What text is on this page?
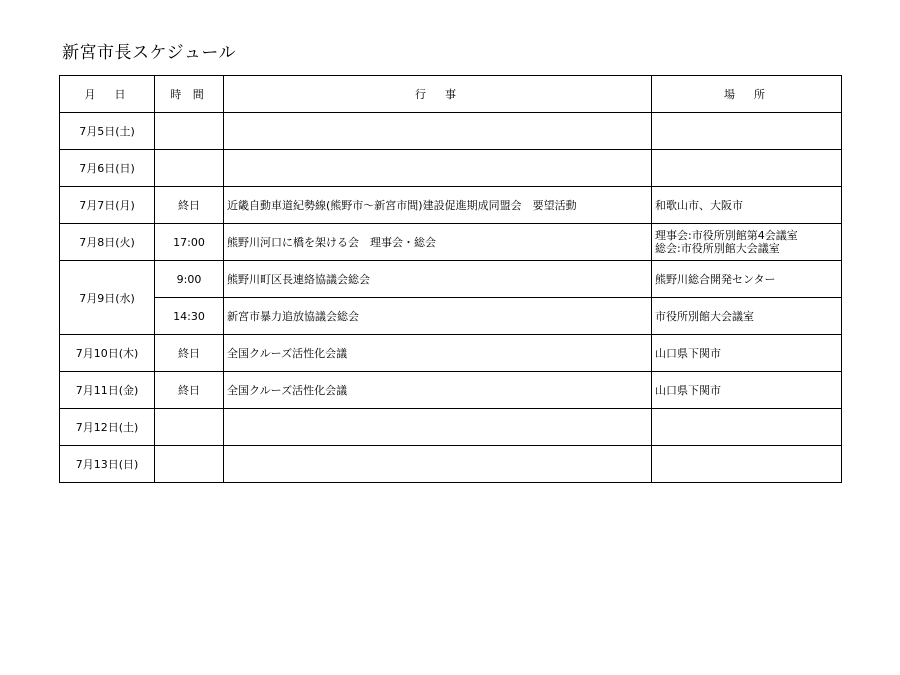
新宮市長スケジュール
月　日	時 間	行　事	場　所
7月5日(土)			
7月6日(日)			
7月7日(月)	終日	近畿自動車道紀勢線(熊野市～新宮市間)建設促進期成同盟会　要望活動	和歌山市、大阪市
7月8日(火)	17:00	熊野川河口に橋を架ける会　理事会・総会	理事会:市役所別館第4会議室
総会:市役所別館大会議室

7月9日(水)	9:00	熊野川町区長連絡協議会総会	熊野川総合開発センター
	14:30	新宮市暴力追放協議会総会	市役所別館大会議室
7月10日(木)	終日	全国クルーズ活性化会議	山口県下関市
7月11日(金)	終日	全国クルーズ活性化会議	山口県下関市
7月12日(土)			
7月13日(日)			
